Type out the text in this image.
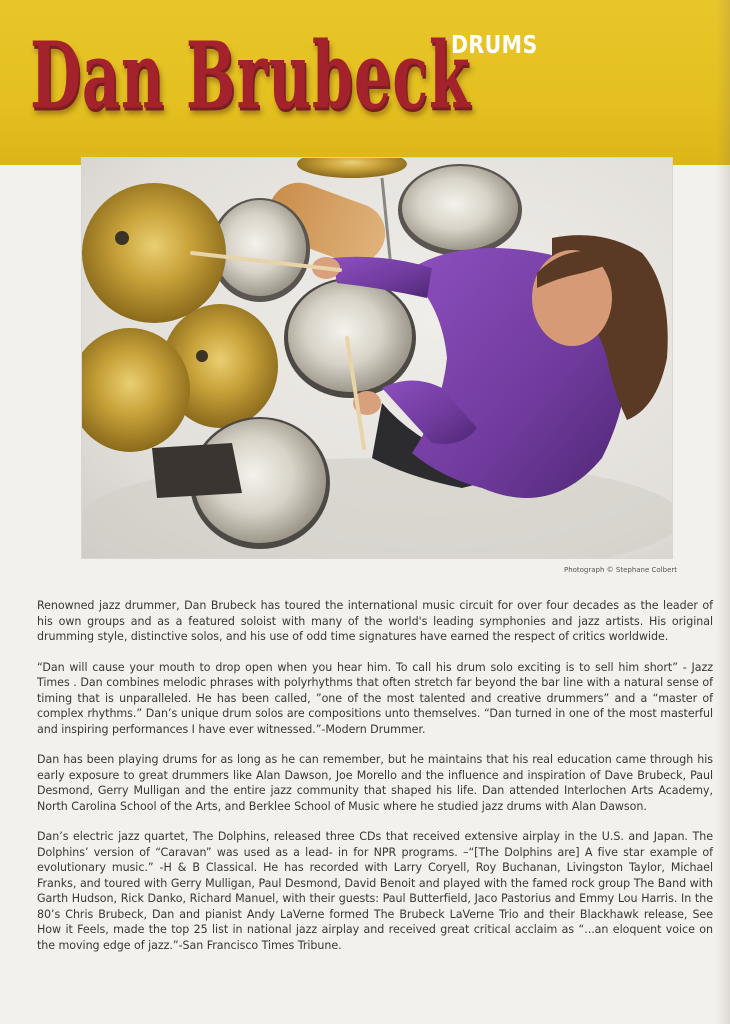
Dan Brubeck
DRUMS
Photograph © Stephane Colbert

Renowned jazz drummer, Dan Brubeck has toured the international music circuit for over four decades as the leader of his own groups and as a featured soloist with many of the world's leading symphonies and jazz artists. His original drumming style, distinctive solos, and his use of odd time signatures have earned the respect of critics worldwide.

“Dan will cause your mouth to drop open when you hear him. To call his drum solo exciting is to sell him short” - Jazz Times . Dan combines melodic phrases with polyrhythms that often stretch far beyond the bar line with a natural sense of timing that is unparalleled. He has been called, ”one of the most talented and creative drummers” and a “master of complex rhythms.” Dan’s unique drum solos are compositions unto themselves. “Dan turned in one of the most masterful and inspiring performances I have ever witnessed.”-Modern Drummer.

Dan has been playing drums for as long as he can remember, but he maintains that his real education came through his early exposure to great drummers like Alan Dawson, Joe Morello and the influence and inspiration of Dave Brubeck, Paul Desmond, Gerry Mulligan and the entire jazz community that shaped his life. Dan attended Interlochen Arts Academy, North Carolina School of the Arts, and Berklee School of Music where he studied jazz drums with Alan Dawson.

Dan’s electric jazz quartet, The Dolphins, released three CDs that received extensive airplay in the U.S. and Japan. The Dolphins’ version of “Caravan” was used as a lead- in for NPR programs. –“[The Dolphins are] A five star example of evolutionary music.” -H & B Classical. He has recorded with Larry Coryell, Roy Buchanan, Livingston Taylor, Michael Franks, and toured with Gerry Mulligan, Paul Desmond, David Benoit and played with the famed rock group The Band with Garth Hudson, Rick Danko, Richard Manuel, with their guests: Paul Butterfield, Jaco Pastorius and Emmy Lou Harris. In the 80’s Chris Brubeck, Dan and pianist Andy LaVerne formed The Brubeck LaVerne Trio and their Blackhawk release, See How it Feels, made the top 25 list in national jazz airplay and received great critical acclaim as “...an eloquent voice on the moving edge of jazz.”-San Francisco Times Tribune.
